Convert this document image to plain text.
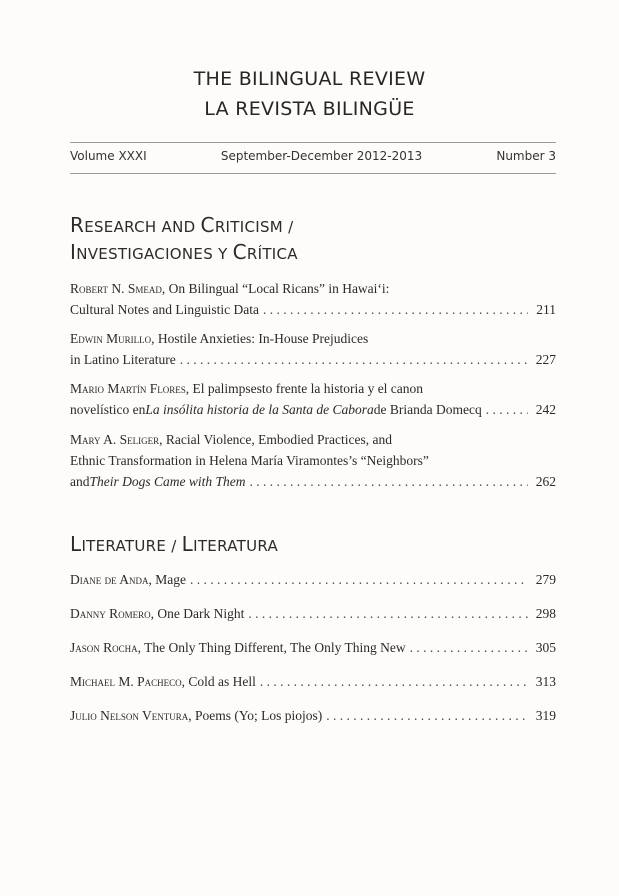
THE BILINGUAL REVIEW
LA REVISTA BILINGÜE
Volume XXXI	September-December 2012-2013	Number 3
RESEARCH AND CRITICISM /
INVESTIGACIONES Y CRÍTICA
Robert N. Smead , On Bilingual “Local Ricans” in Hawai‘i:
Cultural Notes and Linguistic Data . . .	211
Edwin Murillo , Hostile Anxieties: In-House Prejudices
in Latino Literature . . .	227
Mario Martín Flores , El palimpsesto frente la historia y el canon
novelístico en La insólita historia de la Santa de Cabora de Brianda Domecq . . .	242
Mary A. Seliger , Racial Violence, Embodied Practices, and
Ethnic Transformation in Helena María Viramontes’s “Neighbors”
and Their Dogs Came with Them . . .	262
LITERATURE / LITERATURA
Diane de Anda , Mage . . .	279
Danny Romero , One Dark Night . . .	298
Jason Rocha , The Only Thing Different, The Only Thing New . . .	305
Michael M. Pacheco , Cold as Hell . . .	313
Julio Nelson Ventura , Poems (Yo; Los piojos) . . .	319
